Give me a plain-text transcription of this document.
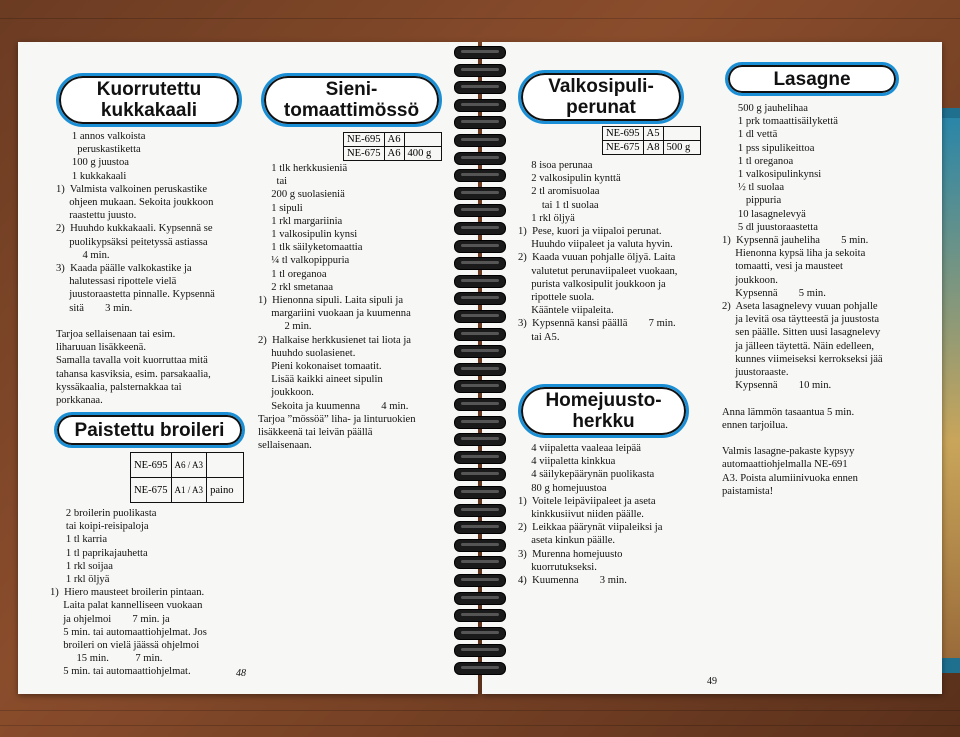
Kuorrutettu
kukkakaali

1 annos valkoista

peruskastiketta

100 g juustoa

1 kukkakaali

1)  Valmista valkoinen peruskastike

ohjeen mukaan. Sekoita joukkoon

raastettu juusto.

2)  Huuhdo kukkakaali. Kypsennä se

puolikypsäksi peitetyssä astiassa

4 min.

3)  Kaada päälle valkokastike ja

halutessasi ripottele vielä

juustoraastetta pinnalle. Kypsennä

sitä        3 min.

Tarjoa sellaisenaan tai esim.

liharuuan lisäkkeenä.

Samalla tavalla voit kuorruttaa mitä

tahansa kasviksia, esim. parsakaalia,

kyssäkaalia, palsternakkaa tai

porkkanaa.

Sieni-
tomaattimössö
NE-695	A6	
NE-675	A6	400 g

1 tlk herkkusieniä

tai

200 g suolasieniä

1 sipuli

1 rkl margariinia

1 valkosipulin kynsi

1 tlk säilyketomaattia

¼ tl valkopippuria

1 tl oreganoa

2 rkl smetanaa

1)  Hienonna sipuli. Laita sipuli ja

margariini vuokaan ja kuumenna

2 min.

2)  Halkaise herkkusienet tai liota ja

huuhdo suolasienet.

Pieni kokonaiset tomaatit.

Lisää kaikki aineet sipulin

joukkoon.

Sekoita ja kuumenna        4 min.

Tarjoa ”mössöä” liha- ja linturuokien

lisäkkeenä tai leivän päällä

sellaisenaan.

Paistettu broileri
NE-695	A6 / A3	
NE-675	A1 / A3	paino

2 broilerin puolikasta

tai koipi-reisipaloja

1 tl karria

1 tl paprikajauhetta

1 rkl soijaa

1 rkl öljyä

1)  Hiero mausteet broilerin pintaan.

Laita palat kannelliseen vuokaan

ja ohjelmoi        7 min. ja

5 min. tai automaattiohjelmat. Jos

broileri on vielä jäässä ohjelmoi

15 min.          7 min.

5 min. tai automaattiohjelmat.	48
Valkosipuli-
perunat
NE-695	A5	
NE-675	A8	500 g

8 isoa perunaa

2 valkosipulin kynttä

2 tl aromisuolaa

tai 1 tl suolaa

1 rkl öljyä

1)  Pese, kuori ja viipaloi perunat.

Huuhdo viipaleet ja valuta hyvin.

2)  Kaada vuuan pohjalle öljyä. Laita

valutetut perunaviipaleet vuokaan,

purista valkosipulit joukkoon ja

ripottele suola.

Kääntele viipaleita.

3)  Kypsennä kansi päällä        7 min.

tai A5.

Homejuusto-
herkku

4 viipaletta vaaleaa leipää

4 viipaletta kinkkua

4 säilykepäärynän puolikasta

80 g homejuustoa

1)  Voitele leipäviipaleet ja aseta

kinkkusiivut niiden päälle.

2)  Leikkaa päärynät viipaleiksi ja

aseta kinkun päälle.

3)  Murenna homejuusto

kuorrutukseksi.

4)  Kuumenna        3 min.

Lasagne

500 g jauhelihaa

1 prk tomaattisäilykettä

1 dl vettä

1 pss sipulikeittoa

1 tl oreganoa

1 valkosipulinkynsi

½ tl suolaa

pippuria

10 lasagnelevyä

5 dl juustoraastetta

1)  Kypsennä jauheliha        5 min.

Hienonna kypsä liha ja sekoita

tomaatti, vesi ja mausteet

joukkoon.

Kypsennä        5 min.

2)  Aseta lasagnelevy vuuan pohjalle

ja levitä osa täytteestä ja juustosta

sen päälle. Sitten uusi lasagnelevy

ja jälleen täytettä. Näin edelleen,

kunnes viimeiseksi kerrokseksi jää

juustoraaste.

Kypsennä        10 min.

Anna lämmön tasaantua 5 min.

ennen tarjoilua.

Valmis lasagne-pakaste kypsyy

automaattiohjelmalla NE-691

A3. Poista alumiinivuoka ennen

paistamista!

49
